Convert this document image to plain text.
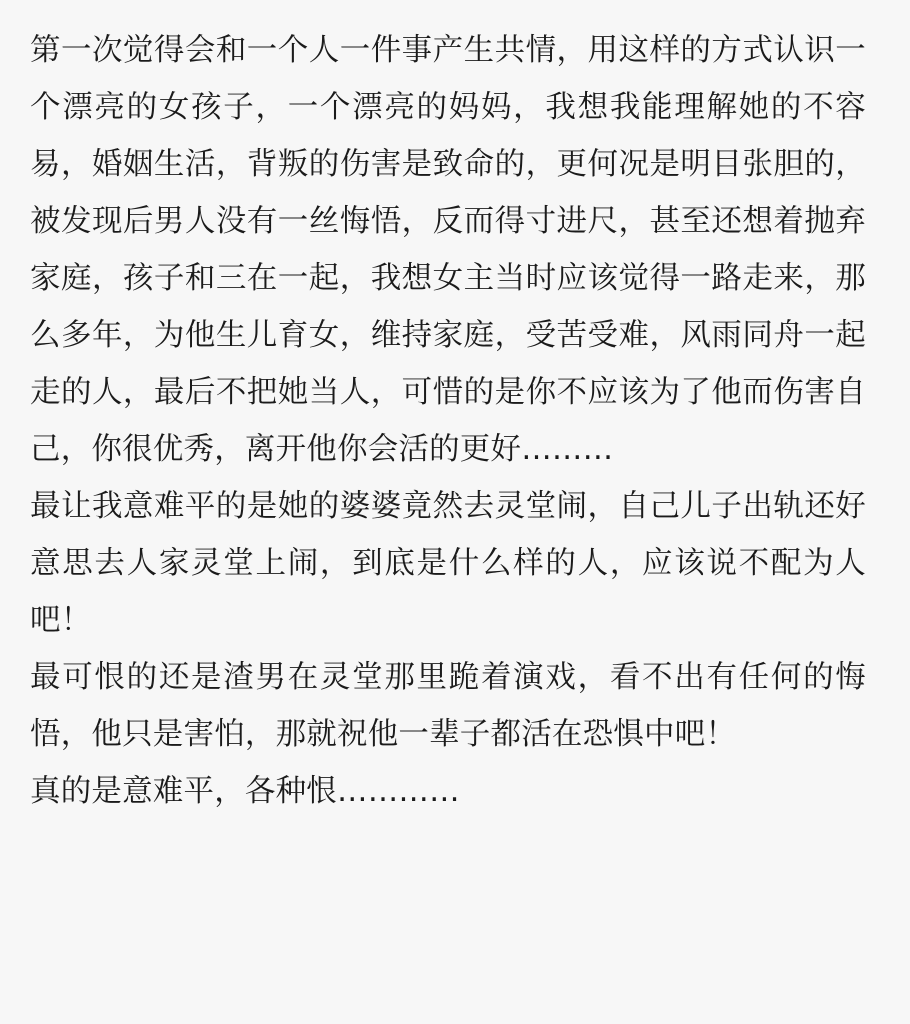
第一次觉得会和一个人一件事产生共情，用这样的方式认识一个漂亮的女孩子，一个漂亮的妈妈，我想我能理解她的不容易，婚姻生活，背叛的伤害是致命的，更何况是明目张胆的，被发现后男人没有一丝悔悟，反而得寸进尺，甚至还想着抛弃家庭，孩子和三在一起，我想女主当时应该觉得一路走来，那么多年，为他生儿育女，维持家庭，受苦受难，风雨同舟一起走的人，最后不把她当人，可惜的是你不应该为了他而伤害自己，你很优秀，离开他你会活的更好………

最让我意难平的是她的婆婆竟然去灵堂闹，自己儿子出轨还好意思去人家灵堂上闹，到底是什么样的人，应该说不配为人吧！

最可恨的还是渣男在灵堂那里跪着演戏，看不出有任何的悔悟，他只是害怕，那就祝他一辈子都活在恐惧中吧！

真的是意难平，各种恨…………
